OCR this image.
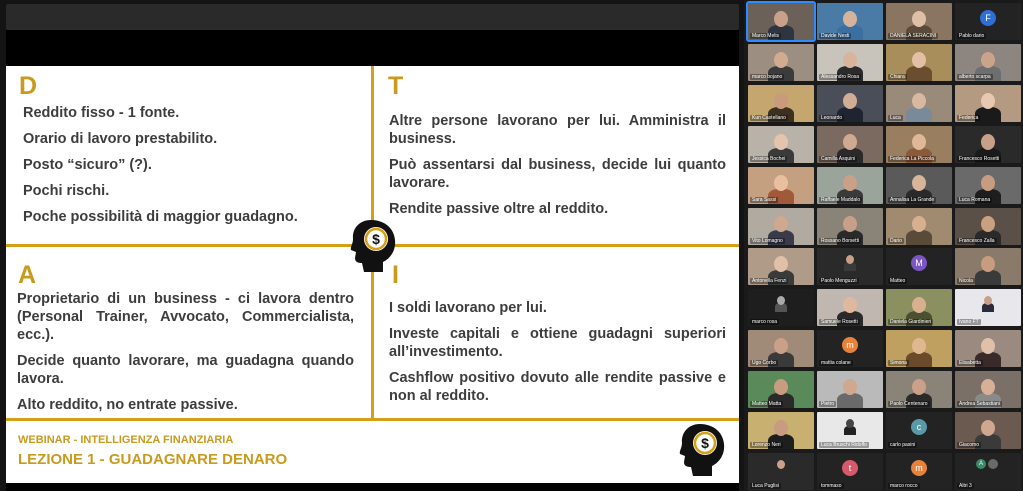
D

Reddito fisso - 1 fonte.

Orario di lavoro prestabilito.

Posto “sicuro” (?).

Pochi rischi.

Poche possibilità di maggior guadagno.

T

Altre persone lavorano per lui. Amministra il business.

Può assentarsi dal business, decide lui quanto lavorare.

Rendite passive oltre al reddito.

A

Proprietario di un business - ci lavora dentro (Personal Trainer, Avvocato, Commercialista, ecc.).

Decide quanto lavorare, ma guadagna quando lavora.

Alto reddito, no entrate passive.

I

I soldi lavorano per lui.

Investe capitali e ottiene guadagni superiori all’investimento.

Cashflow positivo dovuto alle rendite passive e non al reddito.

$
WEBINAR - INTELLIGENZA FINANZIARIA
LEZIONE 1 - GUADAGNARE DENARO
$
Marco Melis	Davide Nesti	DANIELA SERACINI
F
Pablo dario
marco bojano	Alessandro Rosa	Chiara	alberto scarpa
Kun Castellano	Leonardo	Luca	Federica
Jessica Bochei	Camilla Asquini	Federica La Piccola	Francesco Rosetti
Sara Sassi	Raffaele Maddalo	Annalisa La Grande	Luca Romana
Vito Lomagno	Rossano Borsetti	Dario	Francesco Zalla
Antonella Fenzi	Paolo Menguzzi
M
Matteo	Nicola
marco rosa	Samuele Rosetti	Daniela Giardinieri	Ivano FT
Ugo Corbo
m
mattia colane	Simona	Elisabetta
Matteo Matta	Pietro	Paolo Centenaro	Andrea Sebastiani
Lorenzo Neri	Luca Bruschi Ridolfo
c
carlo pasini	Giacomo
Luca Puglisi
t
tommaso
m
marco rocco
A
Altri 3
